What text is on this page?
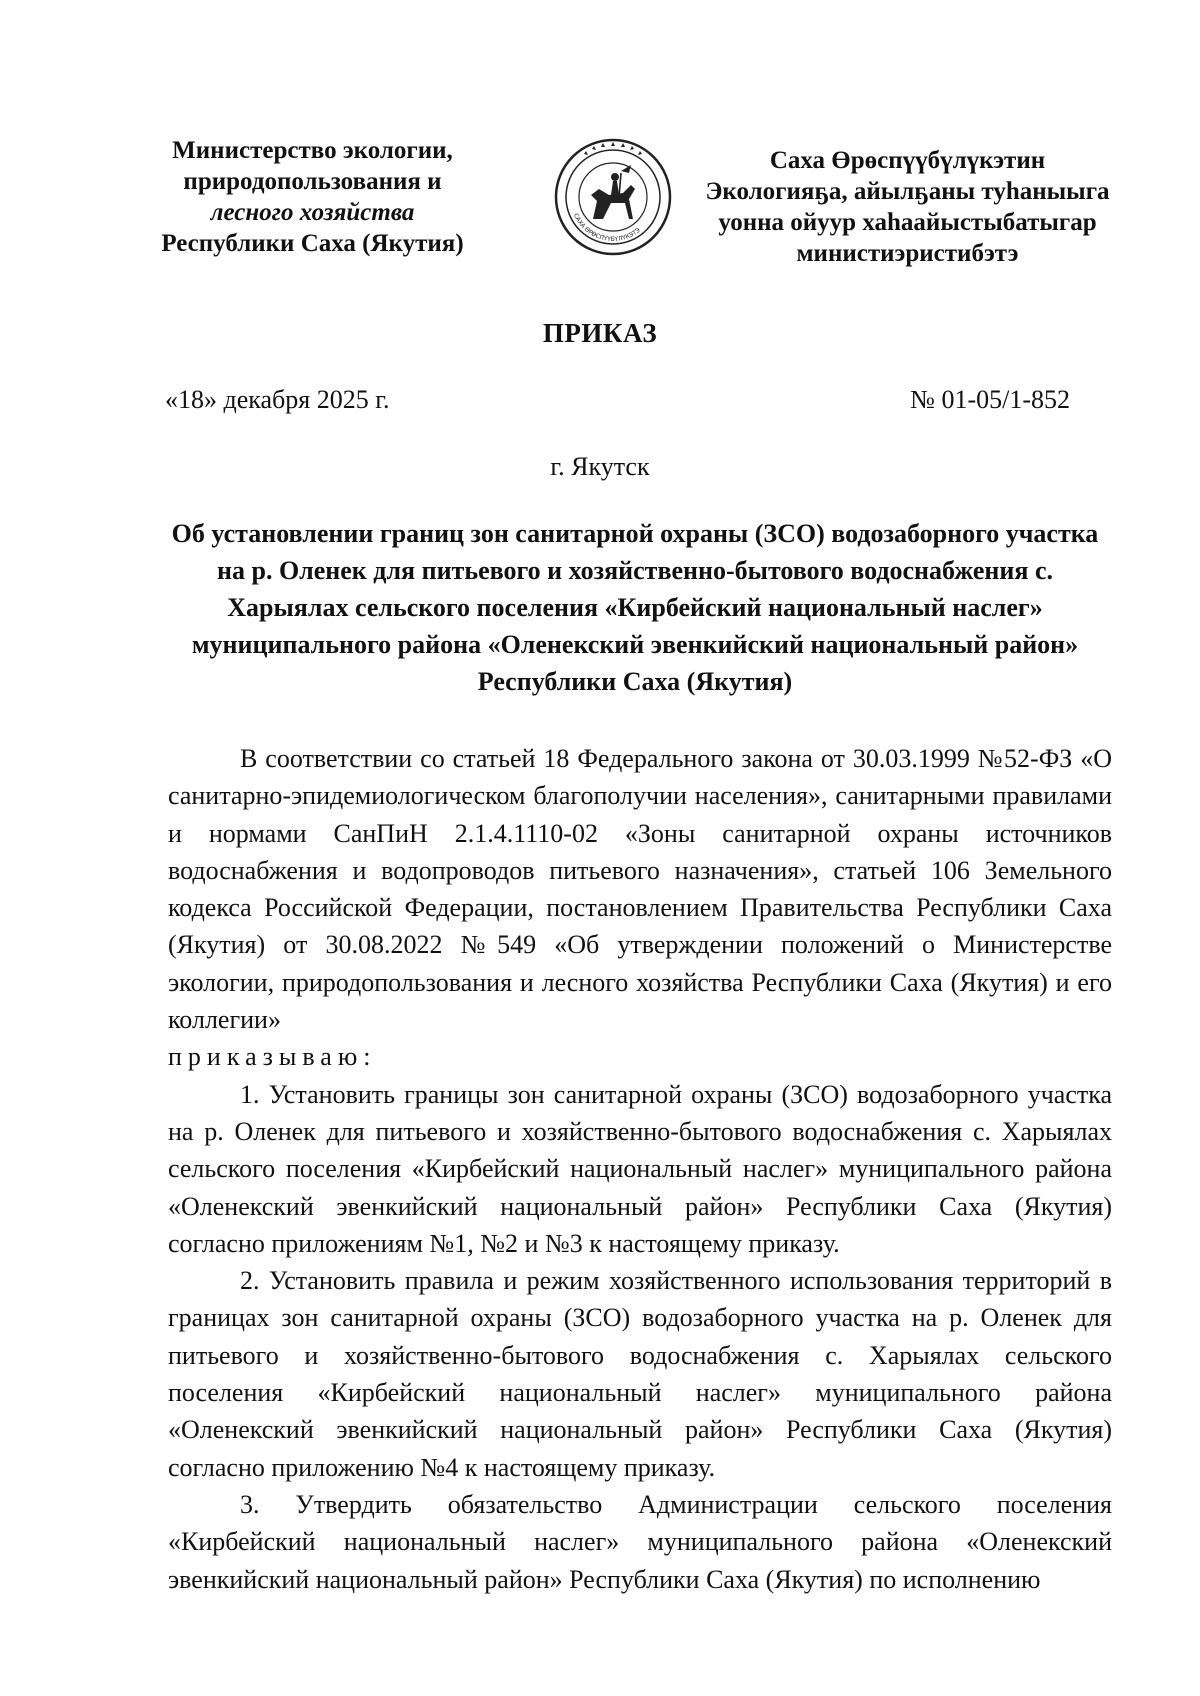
Министерство экологии,
природопользования и
лесного хозяйства
Республики Саха (Якутия)
САХА ӨРӨСПҮҮБҮЛҮКЭТЭ
Саха Өрөспүүбүлүкэтин
Экологияҕа, айылҕаны туһаныыга
уонна ойуур хаһаайыстыбатыгар
министиэристибэтэ
ПРИКАЗ
«18» декабря 2025 г.	№ 01-05/1-852
г. Якутск
Об установлении границ зон санитарной охраны (ЗСО) водозаборного участка на р. Оленек для питьевого и хозяйственно-бытового водоснабжения с. Харыялах сельского поселения «Кирбейский национальный наслег» муниципального района «Оленекский эвенкийский национальный район» Республики Саха (Якутия)

В соответствии со статьей 18 Федерального закона от 30.03.1999 №52-ФЗ «О санитарно-эпидемиологическом благополучии населения», санитарными правилами и нормами СанПиН 2.1.4.1110-02 «Зоны санитарной охраны источников водоснабжения и водопроводов питьевого назначения», статьей 106 Земельного кодекса Российской Федерации, постановлением Правительства Республики Саха (Якутия) от 30.08.2022 №549 «Об утверждении положений о Министерстве экологии, природопользования и лесного хозяйства Республики Саха (Якутия) и его коллегии»

приказываю:

1. Установить границы зон санитарной охраны (ЗСО) водозаборного участка на р. Оленек для питьевого и хозяйственно-бытового водоснабжения с. Харыялах сельского поселения «Кирбейский национальный наслег» муниципального района «Оленекский эвенкийский национальный район» Республики Саха (Якутия) согласно приложениям №1, №2 и №3 к настоящему приказу.

2. Установить правила и режим хозяйственного использования территорий в границах зон санитарной охраны (ЗСО) водозаборного участка на р. Оленек для питьевого и хозяйственно-бытового водоснабжения с. Харыялах сельского поселения «Кирбейский национальный наслег» муниципального района «Оленекский эвенкийский национальный район» Республики Саха (Якутия) согласно приложению №4 к настоящему приказу.

3. Утвердить обязательство Администрации сельского поселения «Кирбейский национальный наслег» муниципального района «Оленекский эвенкийский национальный район» Республики Саха (Якутия) по исполнению
